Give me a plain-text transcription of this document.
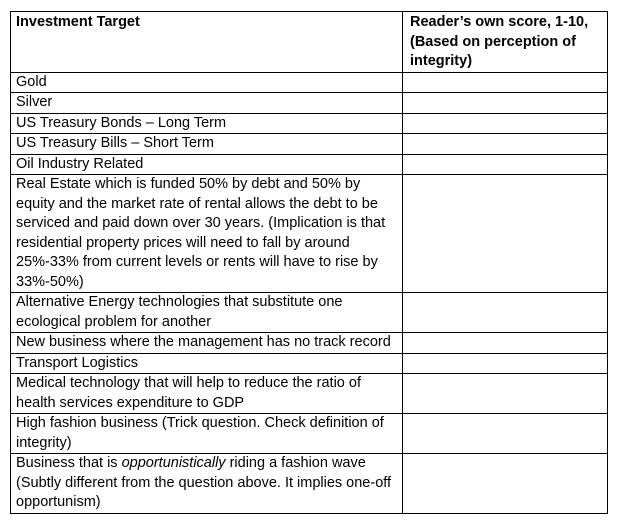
Investment Target	Reader’s own score, 1-10, (Based on perception of integrity)
Gold	
Silver	
US Treasury Bonds – Long Term	
US Treasury Bills – Short Term	
Oil Industry Related	
Real Estate which is funded 50% by debt and 50% by equity and the market rate of rental allows the debt to be serviced and paid down over 30 years. (Implication is that residential property prices will need to fall by around 25%-33% from current levels or rents will have to rise by 33%-50%)	
Alternative Energy technologies that substitute one ecological problem for another	
New business where the management has no track record	
Transport Logistics	
Medical technology that will help to reduce the ratio of health services expenditure to GDP	
High fashion business (Trick question. Check definition of integrity)	
Business that is opportunistically riding a fashion wave (Subtly different from the question above. It implies one-off opportunism)	
